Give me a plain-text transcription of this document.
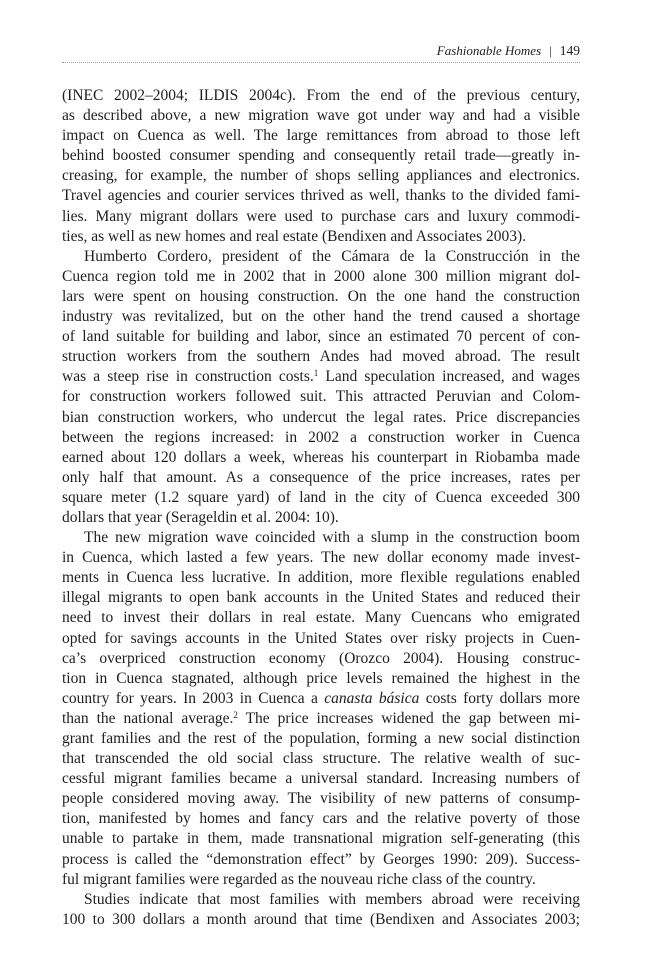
Fashionable Homes | 149
(INEC 2002–2004; ILDIS 2004c). From the end of the previous century,
as described above, a new migration wave got under way and had a visible
impact on Cuenca as well. The large remittances from abroad to those left
behind boosted consumer spending and consequently retail trade—greatly in-
creasing, for example, the number of shops selling appliances and electronics.
Travel agencies and courier services thrived as well, thanks to the divided fami-
lies. Many migrant dollars were used to purchase cars and luxury commodi-
ties, as well as new homes and real estate (Bendixen and Associates 2003).
Humberto Cordero, president of the Cámara de la Construcción in the
Cuenca region told me in 2002 that in 2000 alone 300 million migrant dol-
lars were spent on housing construction. On the one hand the construction
industry was revitalized, but on the other hand the trend caused a shortage
of land suitable for building and labor, since an estimated 70 percent of con-
struction workers from the southern Andes had moved abroad. The result
was a steep rise in construction costs.$^1$ Land speculation increased, and wages
for construction workers followed suit. This attracted Peruvian and Colom-
bian construction workers, who undercut the legal rates. Price discrepancies
between the regions increased: in 2002 a construction worker in Cuenca
earned about 120 dollars a week, whereas his counterpart in Riobamba made
only half that amount. As a consequence of the price increases, rates per
square meter (1.2 square yard) of land in the city of Cuenca exceeded 300
dollars that year (Serageldin et al. 2004: 10).
The new migration wave coincided with a slump in the construction boom
in Cuenca, which lasted a few years. The new dollar economy made invest-
ments in Cuenca less lucrative. In addition, more flexible regulations enabled
illegal migrants to open bank accounts in the United States and reduced their
need to invest their dollars in real estate. Many Cuencans who emigrated
opted for savings accounts in the United States over risky projects in Cuen-
ca’s overpriced construction economy (Orozco 2004). Housing construc-
tion in Cuenca stagnated, although price levels remained the highest in the
country for years. In 2003 in Cuenca a canasta básica costs forty dollars more
than the national average.$^2$ The price increases widened the gap between mi-
grant families and the rest of the population, forming a new social distinction
that transcended the old social class structure. The relative wealth of suc-
cessful migrant families became a universal standard. Increasing numbers of
people considered moving away. The visibility of new patterns of consump-
tion, manifested by homes and fancy cars and the relative poverty of those
unable to partake in them, made transnational migration self-generating (this
process is called the “demonstration effect” by Georges 1990: 209). Success-
ful migrant families were regarded as the nouveau riche class of the country.
Studies indicate that most families with members abroad were receiving
100 to 300 dollars a month around that time (Bendixen and Associates 2003;
